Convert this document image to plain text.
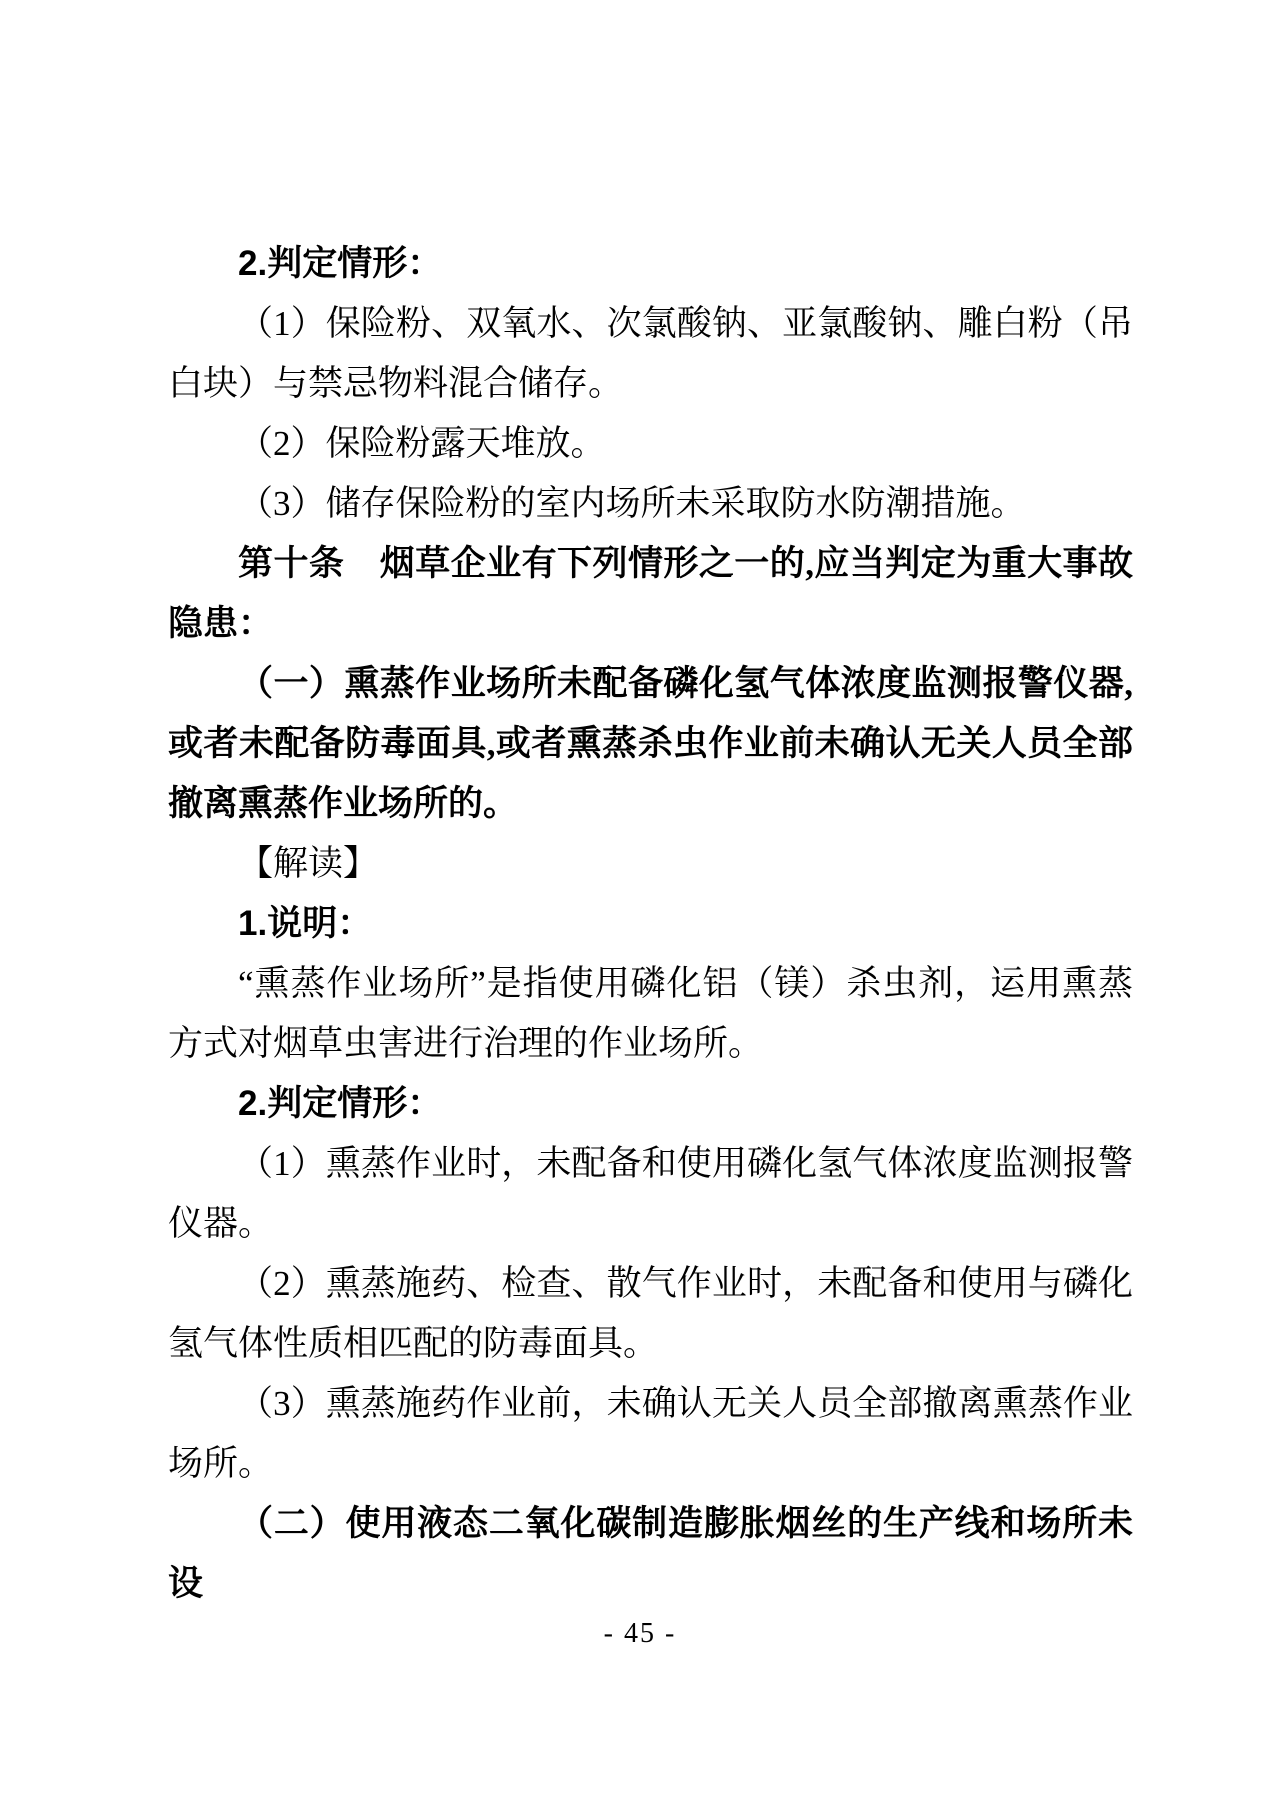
2.判定情形：

（1）保险粉、双氧水、次氯酸钠、亚氯酸钠、雕白粉（吊白块）与禁忌物料混合储存。

（2）保险粉露天堆放。

（3）储存保险粉的室内场所未采取防水防潮措施。

第十条　烟草企业有下列情形之一的,应当判定为重大事故隐患：

（一）熏蒸作业场所未配备磷化氢气体浓度监测报警仪器,或者未配备防毒面具,或者熏蒸杀虫作业前未确认无关人员全部撤离熏蒸作业场所的。

【解读】

1.说明：

“熏蒸作业场所”是指使用磷化铝（镁）杀虫剂，运用熏蒸方式对烟草虫害进行治理的作业场所。

2.判定情形：

（1）熏蒸作业时，未配备和使用磷化氢气体浓度监测报警仪器。

（2）熏蒸施药、检查、散气作业时，未配备和使用与磷化氢气体性质相匹配的防毒面具。

（3）熏蒸施药作业前，未确认无关人员全部撤离熏蒸作业场所。

（二）使用液态二氧化碳制造膨胀烟丝的生产线和场所未设

- 45 -
